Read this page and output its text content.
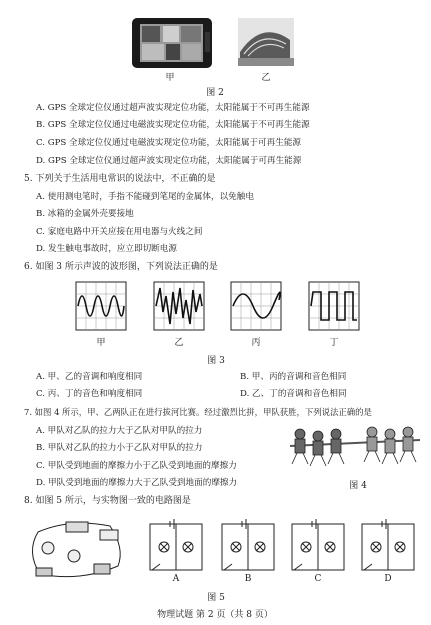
甲	乙
图 2
A. GPS 全球定位仪通过超声波实现定位功能，太阳能属于不可再生能源
B. GPS 全球定位仪通过电磁波实现定位功能，太阳能属于不可再生能源
C. GPS 全球定位仪通过电磁波实现定位功能，太阳能属于可再生能源
D. GPS 全球定位仪通过超声波实现定位功能，太阳能属于可再生能源
5. 下列关于生活用电常识的说法中，不正确的是
A. 使用测电笔时，手指不能碰到笔尾的金属体，以免触电
B. 冰箱的金属外壳要接地
C. 家庭电路中开关应接在用电器与火线之间
D. 发生触电事故时，应立即切断电源
6. 如图 3 所示声波的波形图，下列说法正确的是
甲	乙	丙	丁
图 3
A. 甲、乙的音调和响度相同	B. 甲、丙的音调和音色相同
C. 丙、丁的音色和响度相同	D. 乙、丁的音调和音色相同
7. 如图 4 所示，甲、乙两队正在进行拔河比赛。经过激烈比拼，甲队获胜，下列说法正确的是
A. 甲队对乙队的拉力大于乙队对甲队的拉力
B. 甲队对乙队的拉力小于乙队对甲队的拉力
C. 甲队受到地面的摩擦力小于乙队受到地面的摩擦力
D. 甲队受到地面的摩擦力大于乙队受到地面的摩擦力	图 4
8. 如图 5 所示，与实物图一致的电路图是
A	B	C	D
图 5
物理试题 第 2 页（共 8 页）
